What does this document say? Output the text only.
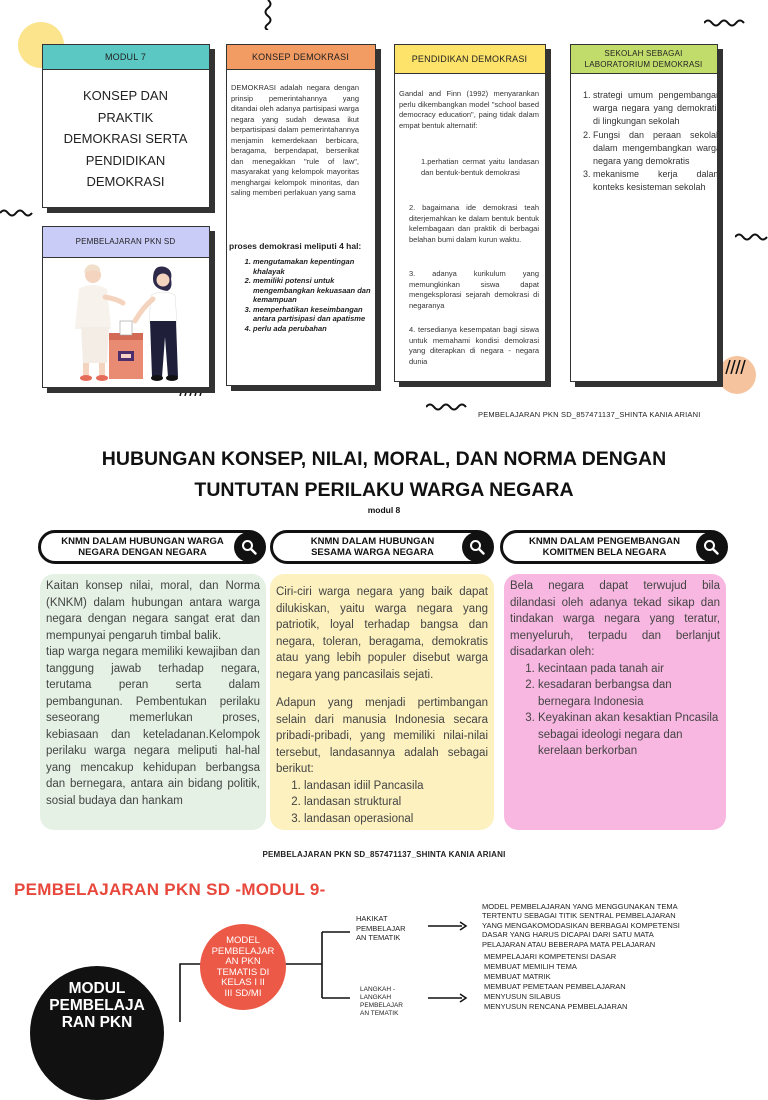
MODUL 7
KONSEP DAN
PRAKTIK
DEMOKRASI SERTA
PENDIDIKAN
DEMOKRASI
PEMBELAJARAN PKN SD
KONSEP DEMOKRASI
DEMOKRASI adalah negara dengan prinsip pemerintahannya yang ditandai oleh adanya partisipasi warga negara yang sudah dewasa ikut berpartisipasi dalam pemerintahannya menjamin kemerdekaan berbicara, beragama, berpendapat, berserikat dan menegakkan "rule of law", masyarakat yang kelompok mayoritas menghargai kelompok minoritas, dan saling memberi perlakuan yang sama
proses demokrasi meliputi 4 hal:
1. mengutamakan kepentingan khalayak
2. memiliki potensi untuk mengembangkan kekuasaan dan kemampuan
3. memperhatikan keseimbangan antara partisipasi dan apatisme
4. perlu ada perubahan
PENDIDIKAN DEMOKRASI
Gandal and Finn (1992) menyarankan perlu dikembangkan model "school based democracy education", paing tidak dalam empat bentuk alternatif:
1.perhatian cermat yaitu landasan dan bentuk-bentuk demokrasi
2. bagaimana ide demokrasi teah diterjemahkan ke dalam bentuk bentuk kelembagaan dan praktik di berbagai belahan bumi dalam kurun waktu.
3. adanya kurikulum yang memungkinkan siswa dapat mengeksplorasi sejarah demokrasi di negaranya
4. tersedianya kesempatan bagi siswa untuk memahami kondisi demokrasi yang diterapkan di negara - negara dunia
SEKOLAH SEBAGAI
LABORATORIUM DEMOKRASI
1. strategi umum pengembangan warga negara yang demokratis di lingkungan sekolah
2. Fungsi dan peraan sekolah dalam mengembangkan warga negara yang demokratis
3. mekanisme kerja dalam konteks kesisteman sekolah
PEMBELAJARAN PKN SD_857471137_SHINTA KANIA ARIANI
HUBUNGAN KONSEP, NILAI, MORAL, DAN NORMA DENGAN
TUNTUTAN PERILAKU WARGA NEGARA
modul 8
KNMN DALAM HUBUNGAN WARGA
NEGARA DENGAN NEGARA
KNMN DALAM HUBUNGAN
SESAMA WARGA NEGARA
KNMN DALAM PENGEMBANGAN
KOMITMEN BELA NEGARA
Kaitan konsep nilai, moral, dan Norma (KNKM) dalam hubungan antara warga negara dengan negara sangat erat dan mempunyai pengaruh timbal balik.
tiap warga negara memiliki kewajiban dan tanggung jawab terhadap negara, terutama peran serta dalam pembangunan. Pembentukan perilaku seseorang memerlukan proses, kebiasaan dan keteladanan.Kelompok perilaku warga negara meliputi hal-hal yang mencakup kehidupan berbangsa dan bernegara, antara ain bidang politik, sosial budaya dan hankam
Ciri-ciri warga negara yang baik dapat dilukiskan, yaitu warga negara yang patriotik, loyal terhadap bangsa dan negara, toleran, beragama, demokratis atau yang lebih populer disebut warga negara yang pancasilais sejati.
Adapun yang menjadi pertimbangan selain dari manusia Indonesia secara pribadi-pribadi, yang memiliki nilai-nilai tersebut, landasannya adalah sebagai berikut:
1. landasan idiil Pancasila
2. landasan struktural
3. landasan operasional
Bela negara dapat terwujud bila dilandasi oleh adanya tekad sikap dan tindakan warga negara yang teratur, menyeluruh, terpadu dan berlanjut disadarkan oleh:
1. kecintaan pada tanah air
2. kesadaran berbangsa dan bernegara Indonesia
3. Keyakinan akan kesaktian Pncasila sebagai ideologi negara dan kerelaan berkorban
PEMBELAJARAN PKN SD_857471137_SHINTA KANIA ARIANI
PEMBELAJARAN PKN SD -MODUL 9-
MODUL
PEMBELAJA
RAN PKN
MODEL
PEMBELAJAR
AN PKN
TEMATIS DI
KELAS I II
III SD/MI
HAKIKAT
PEMBELAJAR
AN TEMATIK
LANGKAH -
LANGKAH
PEMBELAJAR
AN TEMATIK
MODEL PEMBELAJARAN YANG MENGGUNAKAN TEMA
TERTENTU SEBAGAI TITIK SENTRAL PEMBELAJARAN
YANG MENGAKOMODASIKAN BERBAGAI KOMPETENSI
DASAR YANG HARUS DICAPAI DARI SATU MATA
PELAJARAN ATAU BEBERAPA MATA PELAJARAN
MEMPELAJARI KOMPETENSI DASAR
MEMBUAT MEMILIH TEMA
MEMBUAT MATRIK
MEMBUAT PEMETAAN PEMBELAJARAN
MENYUSUN SILABUS
MENYUSUN RENCANA PEMBELAJARAN
